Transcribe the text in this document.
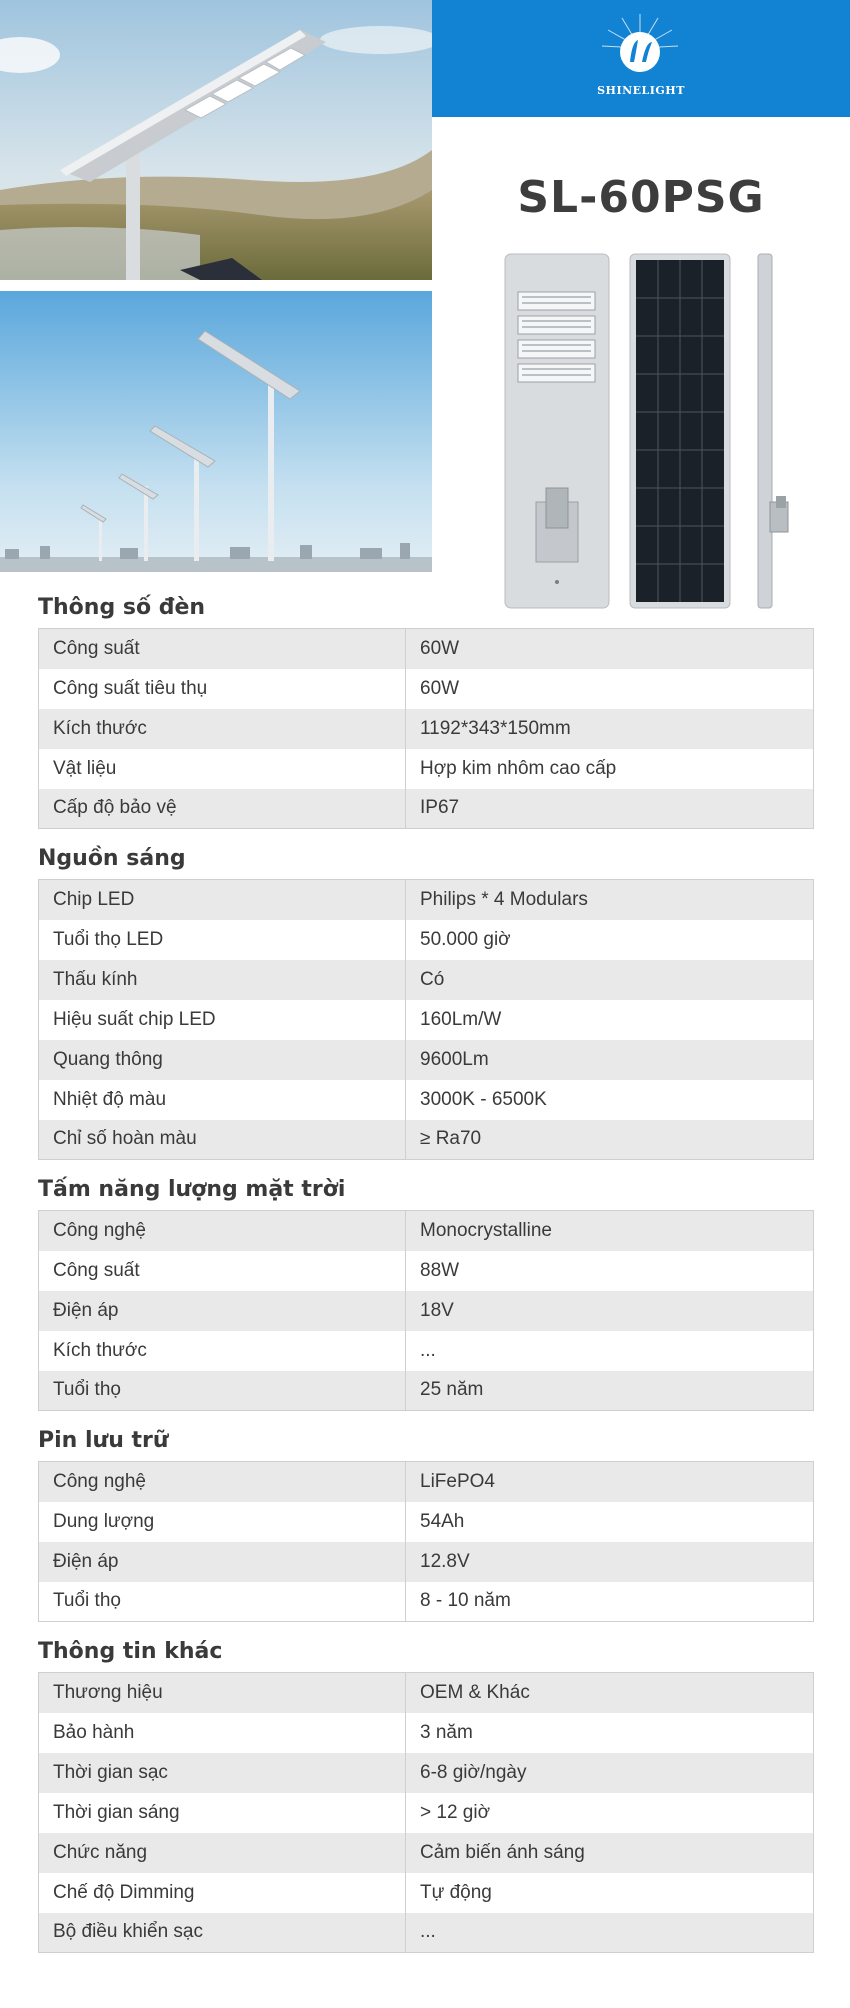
SHINELIGHT
SL-60PSG
Thông số đèn
Công suất	60W
Công suất tiêu thụ	60W
Kích thước	1192*343*150mm
Vật liệu	Hợp kim nhôm cao cấp
Cấp độ bảo vệ	IP67
Nguồn sáng
Chip LED	Philips * 4 Modulars
Tuổi thọ LED	50.000 giờ
Thấu kính	Có
Hiệu suất chip LED	160Lm/W
Quang thông	9600Lm
Nhiệt độ màu	3000K - 6500K
Chỉ số hoàn màu	≥ Ra70
Tấm năng lượng mặt trời
Công nghệ	Monocrystalline
Công suất	88W
Điện áp	18V
Kích thước	...
Tuổi thọ	25 năm
Pin lưu trữ
Công nghệ	LiFePO4
Dung lượng	54Ah
Điện áp	12.8V
Tuổi thọ	8 - 10 năm
Thông tin khác
Thương hiệu	OEM & Khác
Bảo hành	3 năm
Thời gian sạc	6-8 giờ/ngày
Thời gian sáng	> 12 giờ
Chức năng	Cảm biến ánh sáng
Chế độ Dimming	Tự động
Bộ điều khiển sạc	...
